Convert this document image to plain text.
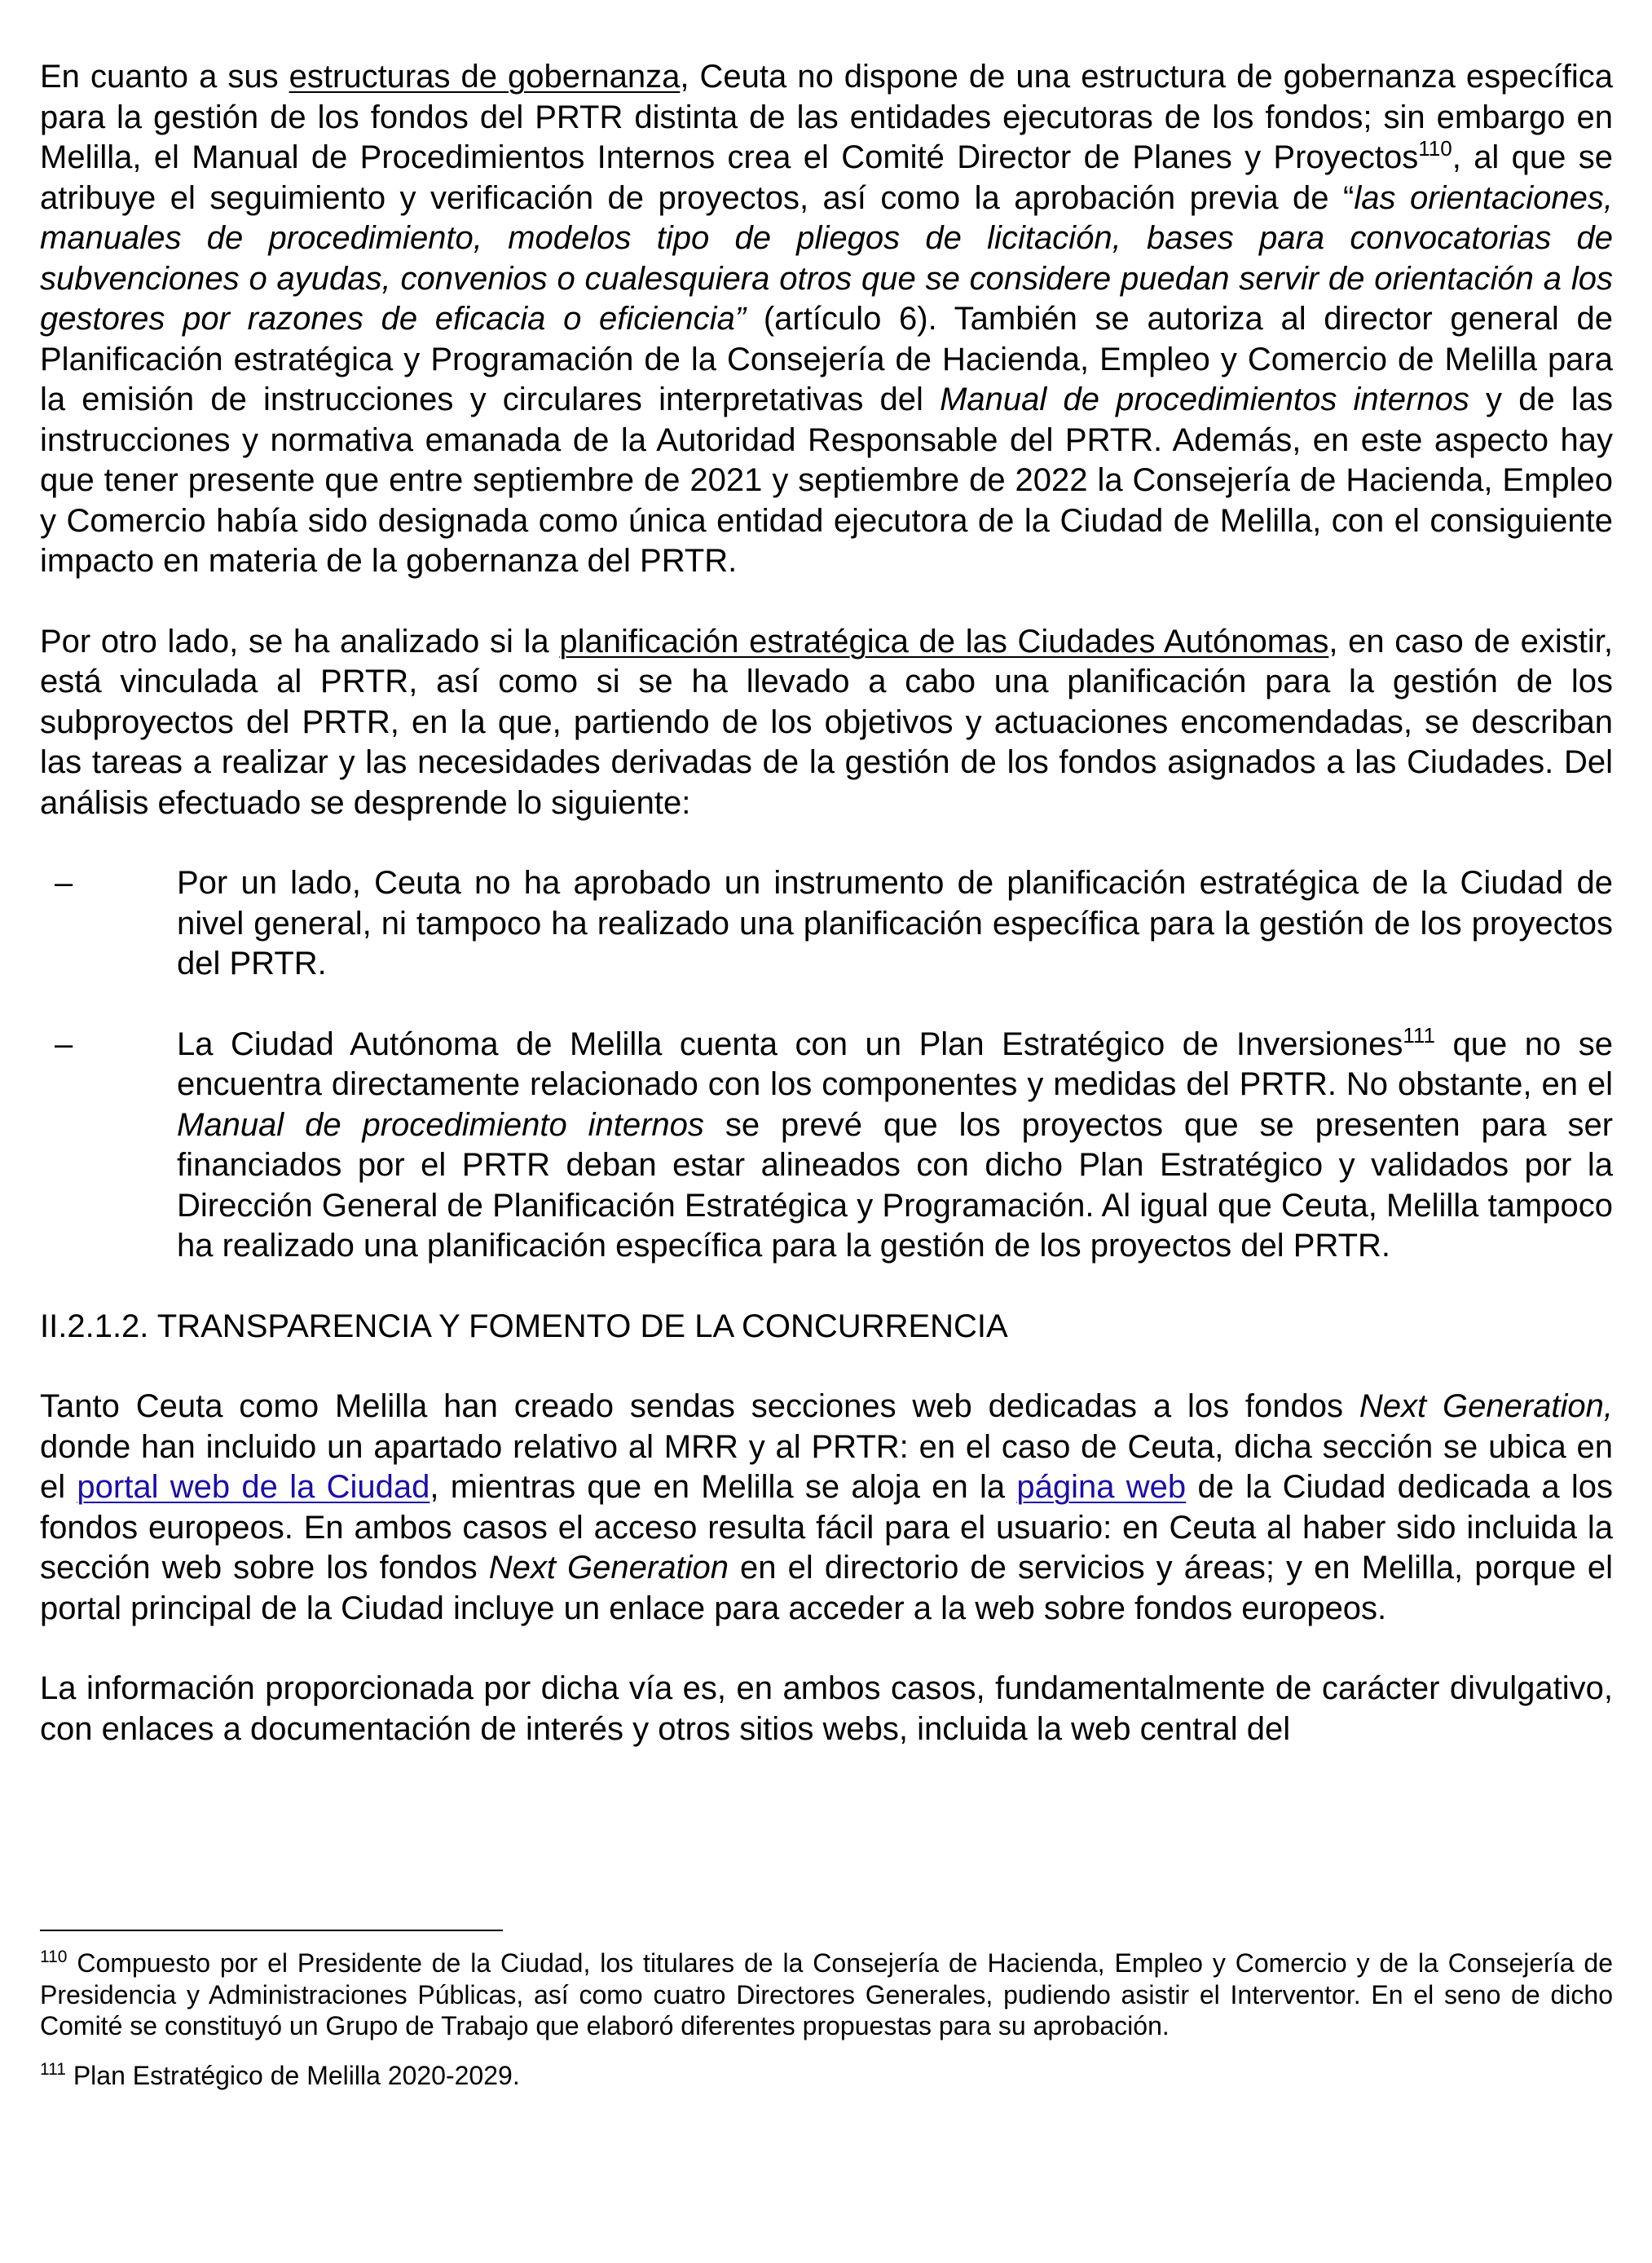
En cuanto a sus estructuras de gobernanza, Ceuta no dispone de una estructura de gobernanza específica para la gestión de los fondos del PRTR distinta de las entidades ejecutoras de los fondos; sin embargo en Melilla, el Manual de Procedimientos Internos crea el Comité Director de Planes y Proyectos$^{110}$, al que se atribuye el seguimiento y verificación de proyectos, así como la aprobación previa de “las orientaciones, manuales de procedimiento, modelos tipo de pliegos de licitación, bases para convocatorias de subvenciones o ayudas, convenios o cualesquiera otros que se considere puedan servir de orientación a los gestores por razones de eficacia o eficiencia” (artículo 6). También se autoriza al director general de Planificación estratégica y Programación de la Consejería de Hacienda, Empleo y Comercio de Melilla para la emisión de instrucciones y circulares interpretativas del Manual de procedimientos internos y de las instrucciones y normativa emanada de la Autoridad Responsable del PRTR. Además, en este aspecto hay que tener presente que entre septiembre de 2021 y septiembre de 2022 la Consejería de Hacienda, Empleo y Comercio había sido designada como única entidad ejecutora de la Ciudad de Melilla, con el consiguiente impacto en materia de la gobernanza del PRTR.

Por otro lado, se ha analizado si la planificación estratégica de las Ciudades Autónomas, en caso de existir, está vinculada al PRTR, así como si se ha llevado a cabo una planificación para la gestión de los subproyectos del PRTR, en la que, partiendo de los objetivos y actuaciones encomendadas, se describan las tareas a realizar y las necesidades derivadas de la gestión de los fondos asignados a las Ciudades. Del análisis efectuado se desprende lo siguiente:

–	Por un lado, Ceuta no ha aprobado un instrumento de planificación estratégica de la Ciudad de nivel general, ni tampoco ha realizado una planificación específica para la gestión de los proyectos del PRTR.
–	La Ciudad Autónoma de Melilla cuenta con un Plan Estratégico de Inversiones$^{111}$ que no se encuentra directamente relacionado con los componentes y medidas del PRTR. No obstante, en el Manual de procedimiento internos se prevé que los proyectos que se presenten para ser financiados por el PRTR deban estar alineados con dicho Plan Estratégico y validados por la Dirección General de Planificación Estratégica y Programación. Al igual que Ceuta, Melilla tampoco ha realizado una planificación específica para la gestión de los proyectos del PRTR.

II.2.1.2. TRANSPARENCIA Y FOMENTO DE LA CONCURRENCIA

Tanto Ceuta como Melilla han creado sendas secciones web dedicadas a los fondos Next Generation, donde han incluido un apartado relativo al MRR y al PRTR: en el caso de Ceuta, dicha sección se ubica en el portal web de la Ciudad, mientras que en Melilla se aloja en la página web de la Ciudad dedicada a los fondos europeos. En ambos casos el acceso resulta fácil para el usuario: en Ceuta al haber sido incluida la sección web sobre los fondos Next Generation en el directorio de servicios y áreas; y en Melilla, porque el portal principal de la Ciudad incluye un enlace para acceder a la web sobre fondos europeos.

La información proporcionada por dicha vía es, en ambos casos, fundamentalmente de carácter divulgativo, con enlaces a documentación de interés y otros sitios webs, incluida la web central del

$^{110}$ Compuesto por el Presidente de la Ciudad, los titulares de la Consejería de Hacienda, Empleo y Comercio y de la Consejería de Presidencia y Administraciones Públicas, así como cuatro Directores Generales, pudiendo asistir el Interventor. En el seno de dicho Comité se constituyó un Grupo de Trabajo que elaboró diferentes propuestas para su aprobación.

$^{111}$ Plan Estratégico de Melilla 2020-2029.
